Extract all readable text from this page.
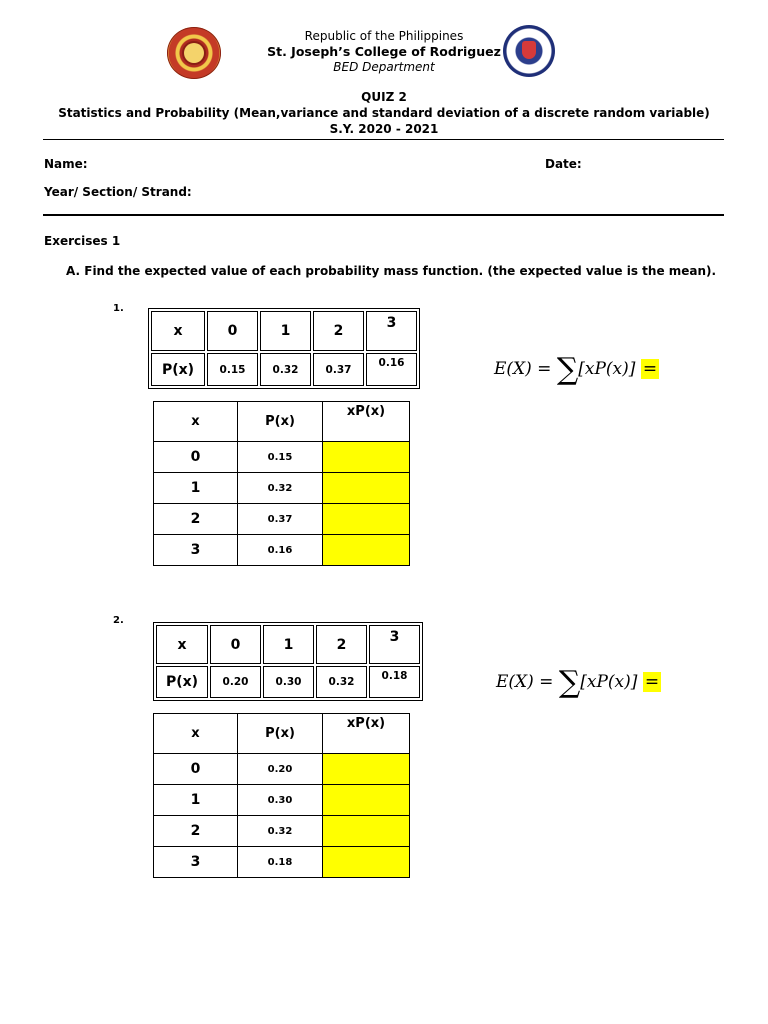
Republic of the Philippines
St. Joseph’s College of Rodriguez
BED Department
QUIZ 2
Statistics and Probability (Mean,variance and standard deviation of a discrete random variable)
S.Y. 2020 - 2021
Name:	Date:
Year/ Section/ Strand:
Exercises 1
A. Find the expected value of each probability mass function. (the expected value is the mean).
1.
x	0	1	2	3
P(x)	0.15	0.32	0.37	0.16	E(X) = ∑[xP(x)] =
x	P(x)	xP(x)
0	0.15	
1	0.32	
2	0.37	
3	0.16	
2.
x	0	1	2	3
P(x)	0.20	0.30	0.32	0.18	E(X) = ∑[xP(x)] =
x	P(x)	xP(x)
0	0.20	
1	0.30	
2	0.32	
3	0.18	
